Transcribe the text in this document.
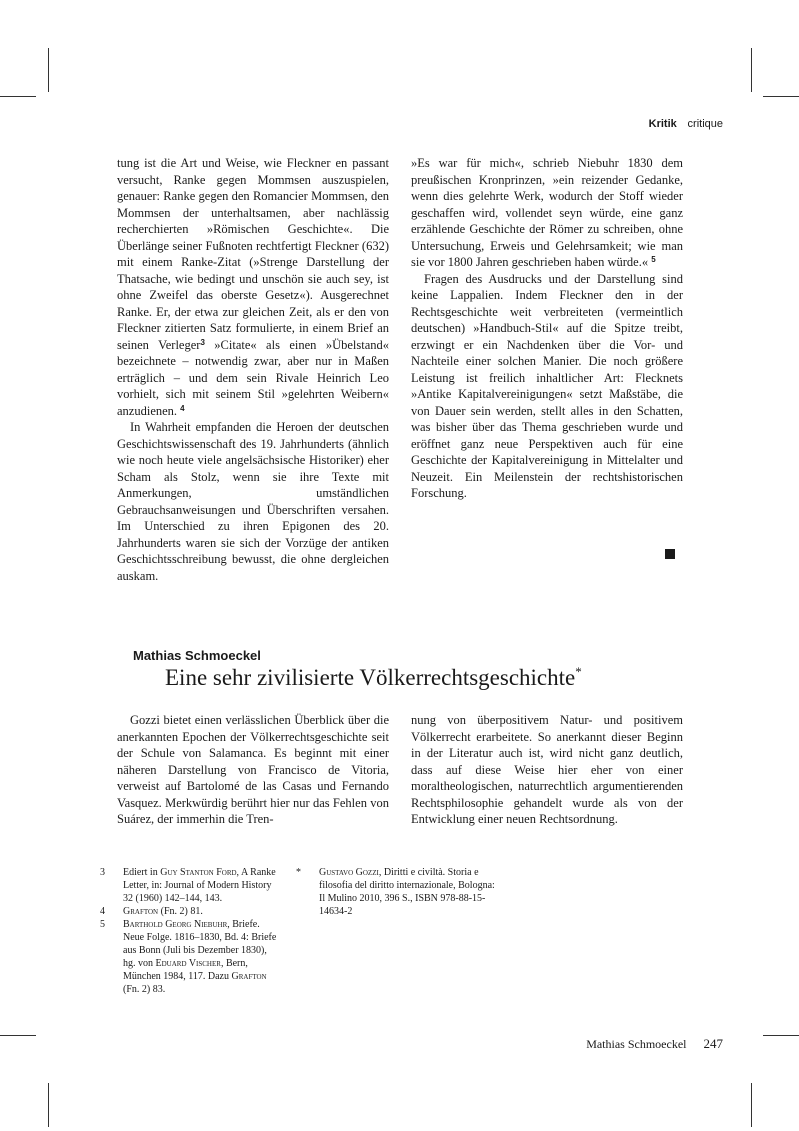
Kritik critique

tung ist die Art und Weise, wie Fleckner en passant versucht, Ranke gegen Mommsen auszuspielen, genauer: Ranke gegen den Romancier Mommsen, den Mommsen der unterhaltsamen, aber nachlässig recherchierten »Römischen Geschichte«. Die Überlänge seiner Fußnoten rechtfertigt Fleckner (632) mit einem Ranke-Zitat (»Strenge Darstellung der Thatsache, wie bedingt und unschön sie auch sey, ist ohne Zweifel das oberste Gesetz«). Ausgerechnet Ranke. Er, der etwa zur gleichen Zeit, als er den von Fleckner zitierten Satz formulierte, in einem Brief an seinen Verleger$^3$ »Citate« als einen »Übelstand« bezeichnete – notwendig zwar, aber nur in Maßen erträglich – und dem sein Rivale Heinrich Leo vorhielt, sich mit seinem Stil »gelehrten Weibern« anzudienen. $^4$

In Wahrheit empfanden die Heroen der deutschen Geschichtswissenschaft des 19. Jahrhunderts (ähnlich wie noch heute viele angelsächsische Historiker) eher Scham als Stolz, wenn sie ihre Texte mit Anmerkungen, umständlichen Gebrauchsanweisungen und Überschriften versahen. Im Unterschied zu ihren Epigonen des 20. Jahrhunderts waren sie sich der Vorzüge der antiken Geschichtsschreibung bewusst, die ohne dergleichen auskam.

»Es war für mich«, schrieb Niebuhr 1830 dem preußischen Kronprinzen, »ein reizender Gedanke, wenn dies gelehrte Werk, wodurch der Stoff wieder geschaffen wird, vollendet seyn würde, eine ganz erzählende Geschichte der Römer zu schreiben, ohne Untersuchung, Erweis und Gelehrsamkeit; wie man sie vor 1800 Jahren geschrieben haben würde.« $^5$

Fragen des Ausdrucks und der Darstellung sind keine Lappalien. Indem Fleckner den in der Rechtsgeschichte weit verbreiteten (vermeintlich deutschen) »Handbuch-Stil« auf die Spitze treibt, erzwingt er ein Nachdenken über die Vor- und Nachteile einer solchen Manier. Die noch größere Leistung ist freilich inhaltlicher Art: Flecknets »Antike Kapitalvereinigungen« setzt Maßstäbe, die von Dauer sein werden, stellt alles in den Schatten, was bisher über das Thema geschrieben wurde und eröffnet ganz neue Perspektiven auch für eine Geschichte der Kapitalvereinigung in Mittelalter und Neuzeit. Ein Meilenstein der rechtshistorischen Forschung.

Mathias Schmoeckel
Eine sehr zivilisierte Völkerrechtsgeschichte*

Gozzi bietet einen verlässlichen Überblick über die anerkannten Epochen der Völkerrechtsgeschichte seit der Schule von Salamanca. Es beginnt mit einer näheren Darstellung von Francisco de Vitoria, verweist auf Bartolomé de las Casas und Fernando Vasquez. Merkwürdig berührt hier nur das Fehlen von Suárez, der immerhin die Tren-

nung von überpositivem Natur- und positivem Völkerrecht erarbeitete. So anerkannt dieser Beginn in der Literatur auch ist, wird nicht ganz deutlich, dass auf diese Weise hier eher von einer moraltheologischen, naturrechtlich argumentierenden Rechtsphilosophie gehandelt wurde als von der Entwicklung einer neuen Rechtsordnung.

3 Ediert in Guy Stanton Ford, A Ranke Letter, in: Journal of Modern History 32 (1960) 142–144, 143.
4 Grafton (Fn. 2) 81.
5 Barthold Georg Niebuhr, Briefe. Neue Folge. 1816–1830, Bd. 4: Briefe aus Bonn (Juli bis Dezember 1830), hg. von Eduard Vischer, Bern, München 1984, 117. Dazu Grafton (Fn. 2) 83.
* Gustavo Gozzi, Diritti e civiltà. Storia e filosofia del diritto internazionale, Bologna: Il Mulino 2010, 396 S., ISBN 978-88-15-14634-2
Mathias Schmoeckel 247
